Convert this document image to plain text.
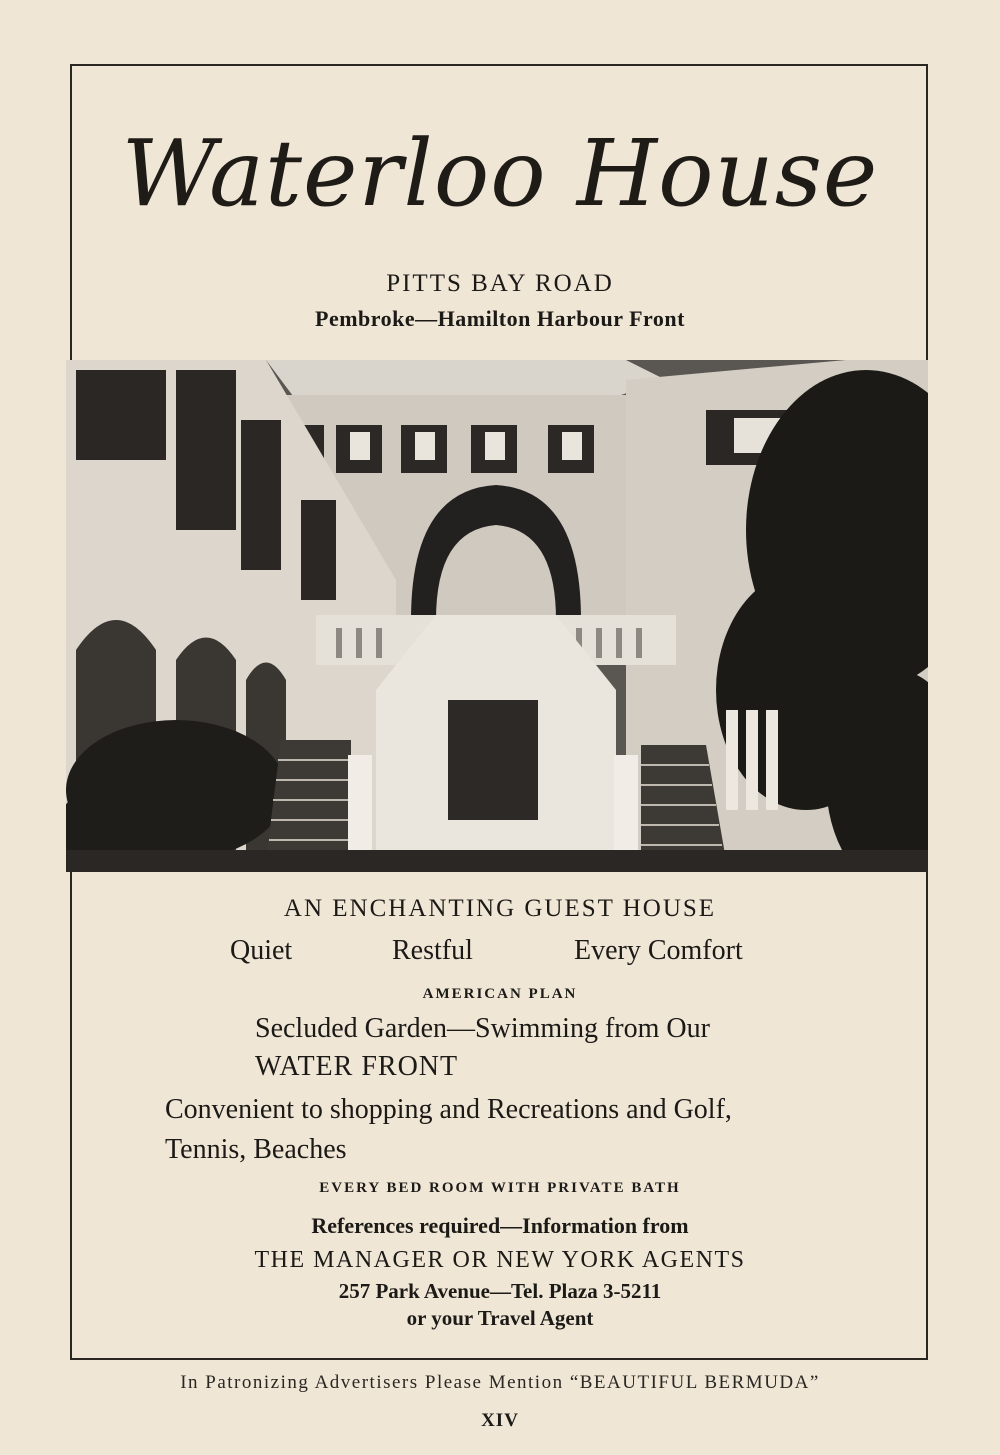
Waterloo House
PITTS BAY ROAD
Pembroke—Hamilton Harbour Front
AN ENCHANTING GUEST HOUSE
Quiet	Restful	Every Comfort
AMERICAN PLAN
Secluded Garden—Swimming from Our
WATER FRONT
Convenient to shopping and Recreations and Golf,
Tennis, Beaches
EVERY BED ROOM WITH PRIVATE BATH
References required—Information from
THE MANAGER OR NEW YORK AGENTS
257 Park Avenue—Tel. Plaza 3-5211
or your Travel Agent
In Patronizing Advertisers Please Mention “BEAUTIFUL BERMUDA”
XIV
